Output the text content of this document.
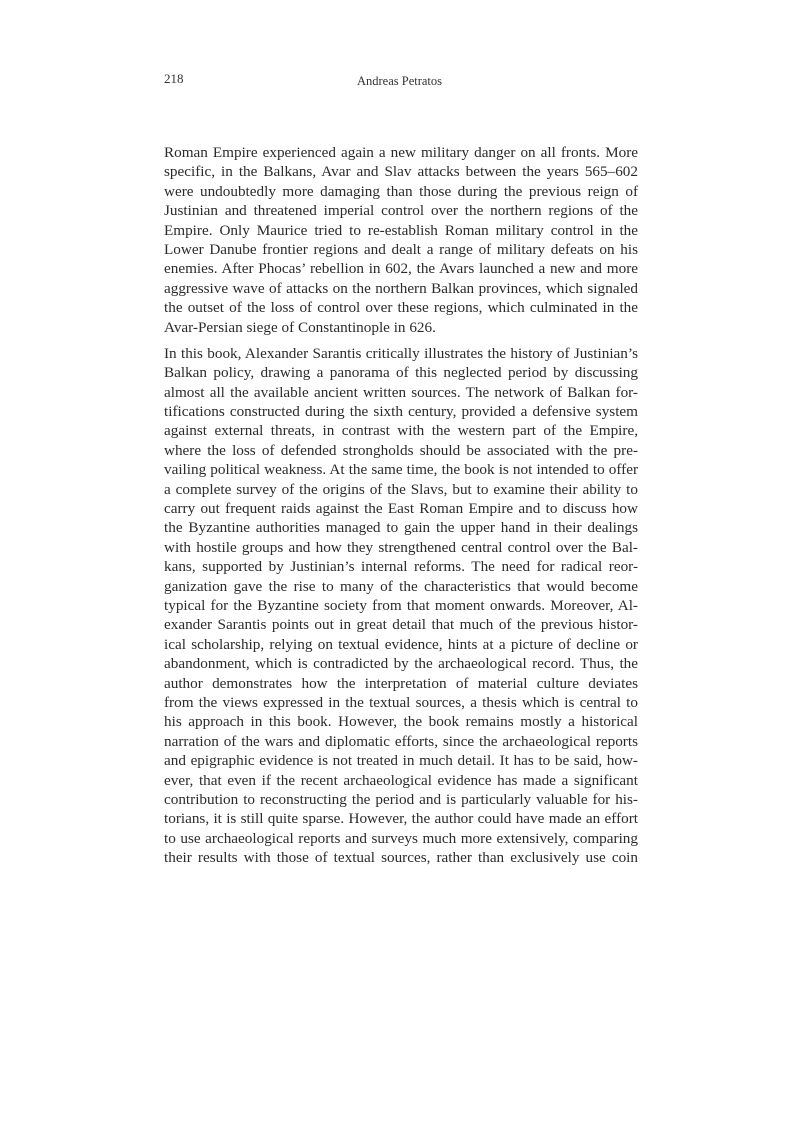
218	Andreas Petratos

Roman Empire experienced again a new military danger on all fronts. More
specific, in the Balkans, Avar and Slav attacks between the years 565–602
were undoubtedly more damaging than those during the previous reign of
Justinian and threatened imperial control over the northern regions of the
Empire. Only Maurice tried to re-establish Roman military control in the
Lower Danube frontier regions and dealt a range of military defeats on his
enemies. After Phocas’ rebellion in 602, the Avars launched a new and more
aggressive wave of attacks on the northern Balkan provinces, which signaled
the outset of the loss of control over these regions, which culminated in the
Avar-Persian siege of Constantinople in 626.

In this book, Alexander Sarantis critically illustrates the history of Justinian’s
Balkan policy, drawing a panorama of this neglected period by discussing
almost all the available ancient written sources. The network of Balkan for-
tifications constructed during the sixth century, provided a defensive system
against external threats, in contrast with the western part of the Empire,
where the loss of defended strongholds should be associated with the pre-
vailing political weakness. At the same time, the book is not intended to offer
a complete survey of the origins of the Slavs, but to examine their ability to
carry out frequent raids against the East Roman Empire and to discuss how
the Byzantine authorities managed to gain the upper hand in their dealings
with hostile groups and how they strengthened central control over the Bal-
kans, supported by Justinian’s internal reforms. The need for radical reor-
ganization gave the rise to many of the characteristics that would become
typical for the Byzantine society from that moment onwards. Moreover, Al-
exander Sarantis points out in great detail that much of the previous histor-
ical scholarship, relying on textual evidence, hints at a picture of decline or
abandonment, which is contradicted by the archaeological record. Thus, the
author demonstrates how the interpretation of material culture deviates
from the views expressed in the textual sources, a thesis which is central to
his approach in this book. However, the book remains mostly a historical
narration of the wars and diplomatic efforts, since the archaeological reports
and epigraphic evidence is not treated in much detail. It has to be said, how-
ever, that even if the recent archaeological evidence has made a significant
contribution to reconstructing the period and is particularly valuable for his-
torians, it is still quite sparse. However, the author could have made an effort
to use archaeological reports and surveys much more extensively, comparing
their results with those of textual sources, rather than exclusively use coin
